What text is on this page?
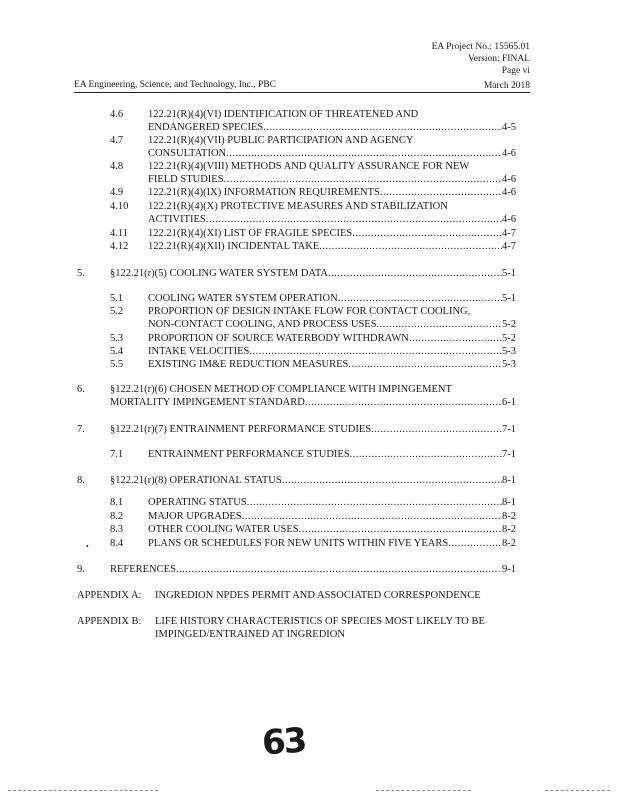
EA Project No.: 15565.01
Version: FINAL
Page vi
EA Engineering, Science, and Technology, Inc., PBC	March 2018
4.6 122.21(R)(4)(VI) IDENTIFICATION OF THREATENED AND
ENDANGERED SPECIES .....	4-5
4.7 122.21(R)(4)(VII) PUBLIC PARTICIPATION AND AGENCY
CONSULTATION .....	4-6
4.8 122.21(R)(4)(VIII) METHODS AND QUALITY ASSURANCE FOR NEW
FIELD STUDIES .....	4-6
4.9 122.21(R)(4)(IX) INFORMATION REQUIREMENTS .....	4-6
4.10 122.21(R)(4)(X) PROTECTIVE MEASURES AND STABILIZATION
ACTIVITIES .....	4-6
4.11 122.21(R)(4)(XI) LIST OF FRAGILE SPECIES .....	4-7
4.12 122.21(R)(4)(XII) INCIDENTAL TAKE .....	4-7
5. §122.21(r)(5) COOLING WATER SYSTEM DATA .....	5-1
5.1 COOLING WATER SYSTEM OPERATION .....	5-1
5.2 PROPORTION OF DESIGN INTAKE FLOW FOR CONTACT COOLING,
NON-CONTACT COOLING, AND PROCESS USES .....	5-2
5.3 PROPORTION OF SOURCE WATERBODY WITHDRAWN .....	5-2
5.4 INTAKE VELOCITIES .....	5-3
5.5 EXISTING IM&E REDUCTION MEASURES .....	5-3
6. §122.21(r)(6) CHOSEN METHOD OF COMPLIANCE WITH IMPINGEMENT
MORTALITY IMPINGEMENT STANDARD .....	6-1
7. §122.21(r)(7) ENTRAINMENT PERFORMANCE STUDIES .....	7-1
7.1 ENTRAINMENT PERFORMANCE STUDIES .....	7-1
8. §122.21(r)(8) OPERATIONAL STATUS .....	8-1
8.1 OPERATING STATUS .....	8-1
8.2 MAJOR UPGRADES .....	8-2
8.3 OTHER COOLING WATER USES .....	8-2
8.4 PLANS OR SCHEDULES FOR NEW UNITS WITHIN FIVE YEARS .....	8-2
9. REFERENCES .....	9-1
APPENDIX A: INGREDION NPDES PERMIT AND ASSOCIATED CORRESPONDENCE
APPENDIX B: LIFE HISTORY CHARACTERISTICS OF SPECIES MOST LIKELY TO BE
IMPINGED/ENTRAINED AT INGREDION
•
63
